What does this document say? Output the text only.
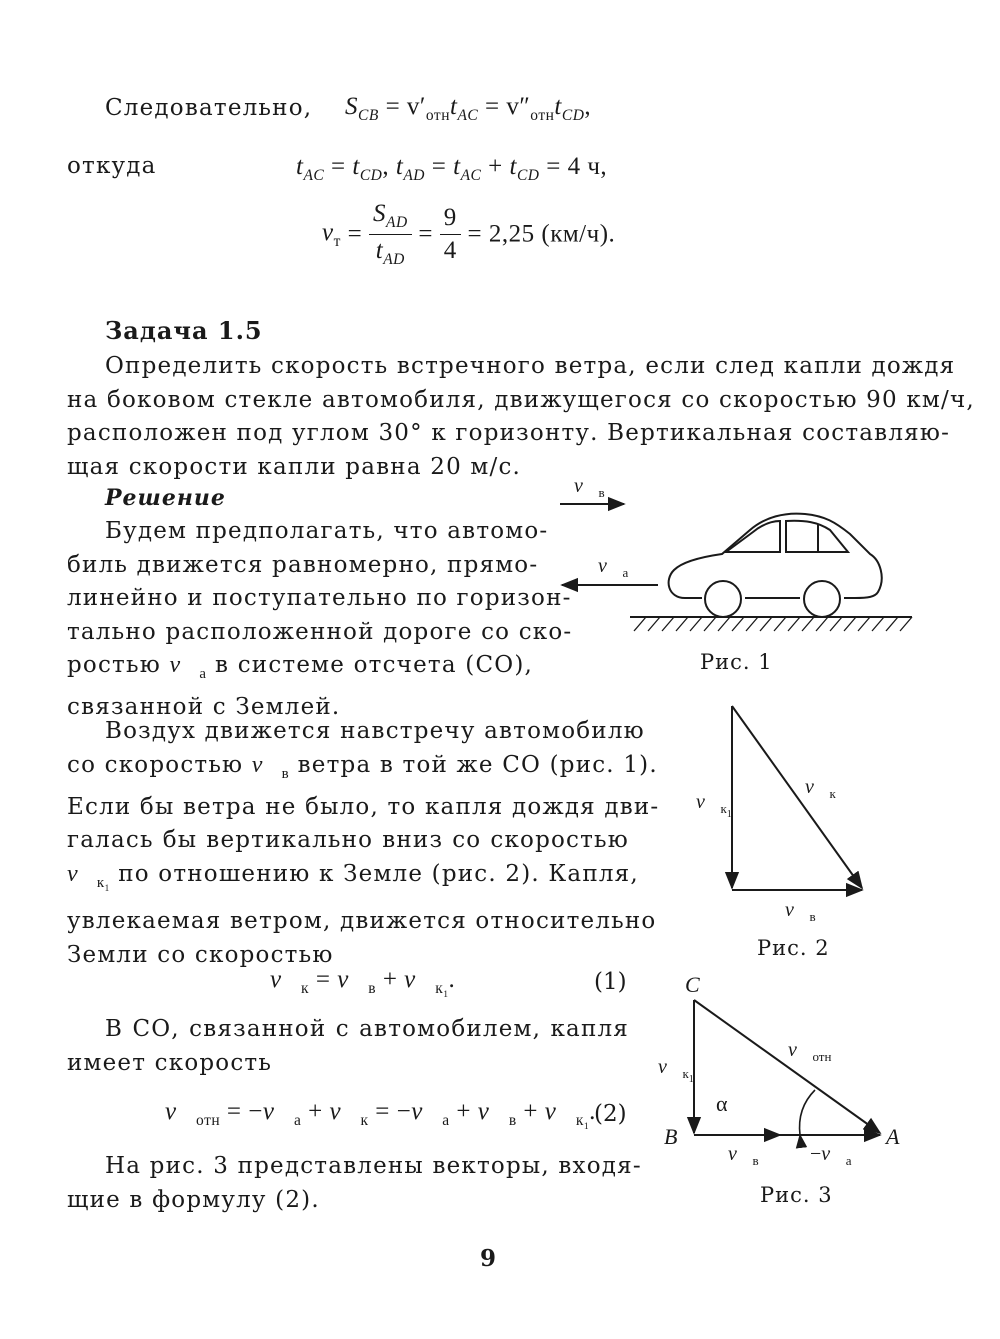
Следовательно, $S_{CB} = v'_{отн}t_{AC} = v''_{отн}t_{CD}$,
откуда	$t_{AC} = t_{CD}$, $t_{AD} = t_{AC} + t_{CD} = 4$ ч,
$v_т = \frac{S_{AD}}{t_{AD}} = \frac{9}{4} = 2,25$ (км/ч).
Задача 1.5
Определить скорость встречного ветра, если след капли дождя
на боковом стекле автомобиля, движущегося со скоростью 90 км/ч,
расположен под углом 30° к горизонту. Вертикальная составляю-
щая скорости капли равна 20 м/с.
Решение
Будем предполагать, что автомо-
биль движется равномерно, прямо-
линейно и поступательно по горизон-
тально расположенной дороге со ско-
ростью $v_а$ в системе отсчета (СО),
связанной с Землей.
Воздух движется навстречу автомобилю
со скоростью $v_в$ ветра в той же СО (рис. 1).
Если бы ветра не было, то капля дождя дви-
галась бы вертикально вниз со скоростью
$v_{к_1}$ по отношению к Земле (рис. 2). Капля,
увлекаемая ветром, движется относительно
Земли со скоростью
$v_к = v_в + v_{к_1}$.	(1)
В СО, связанной с автомобилем, капля
имеет скорость
$v_{отн} = -v_а + v_к = -v_а + v_в + v_{к_1}$.
(2)
На рис. 3 представлены векторы, входя-
щие в формулу (2).
$v⃗_в$
$v⃗_а$
Рис. 1
$v⃗_{к1}$
$v⃗_к$
$v⃗_в$
Рис. 2
C
B	A
α
$v⃗_{к1}$
$v⃗_{отн}$
$v⃗_в$	$-v⃗_а$
Рис. 3
9
